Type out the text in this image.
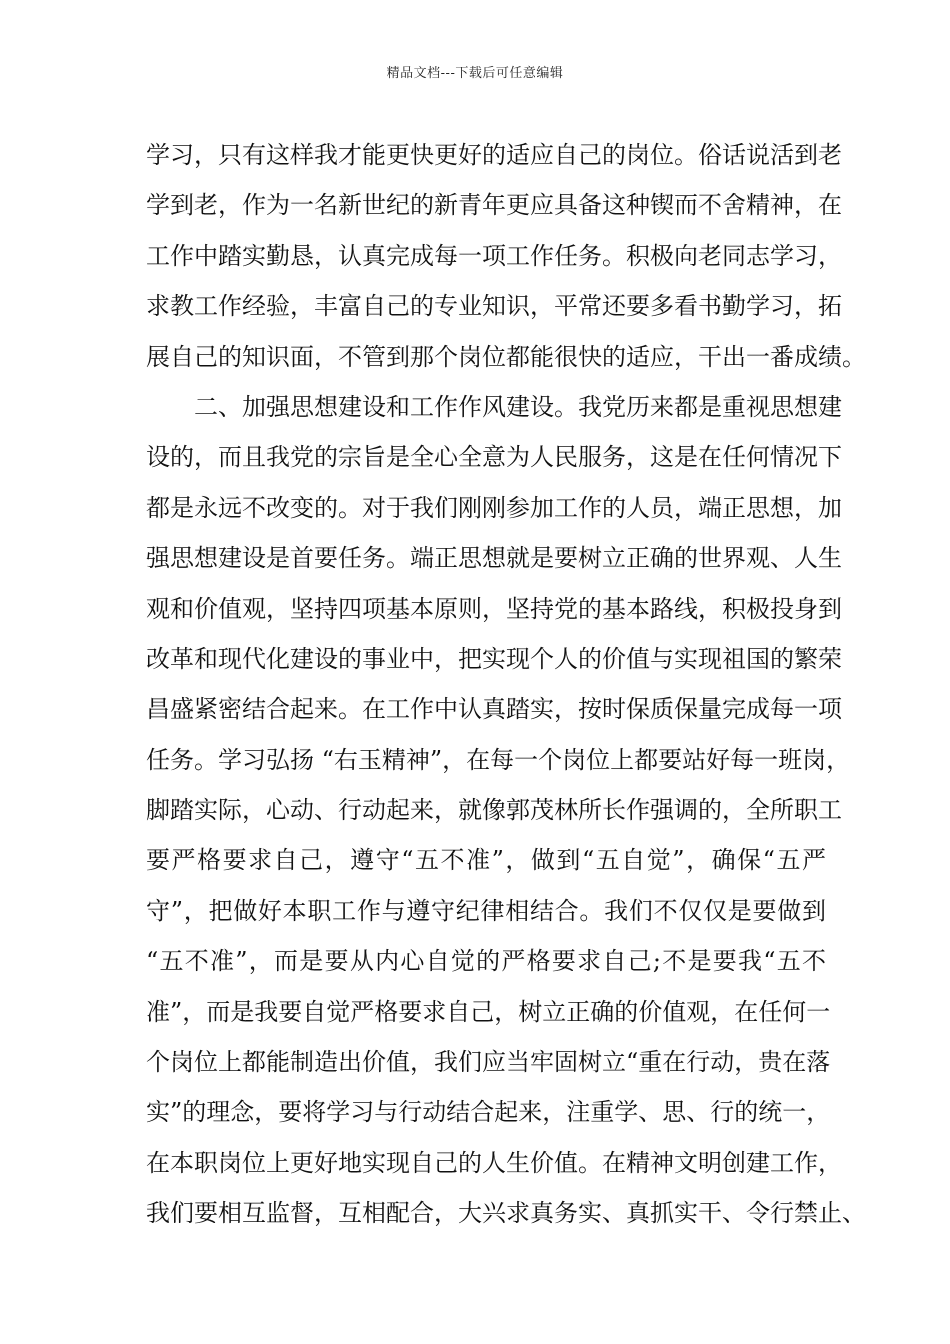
精品文档---下载后可任意编辑
学习，只有这样我才能更快更好的适应自己的岗位。俗话说活到老
学到老，作为一名新世纪的新青年更应具备这种锲而不舍精神，在
工作中踏实勤恳，认真完成每一项工作任务。积极向老同志学习，
求教工作经验，丰富自己的专业知识，平常还要多看书勤学习，拓
展自己的知识面，不管到那个岗位都能很快的适应，干出一番成绩。
二、加强思想建设和工作作风建设。我党历来都是重视思想建
设的，而且我党的宗旨是全心全意为人民服务，这是在任何情况下
都是永远不改变的。对于我们刚刚参加工作的人员，端正思想，加
强思想建设是首要任务。端正思想就是要树立正确的世界观、人生
观和价值观，坚持四项基本原则，坚持党的基本路线，积极投身到
改革和现代化建设的事业中，把实现个人的价值与实现祖国的繁荣
昌盛紧密结合起来。在工作中认真踏实，按时保质保量完成每一项
任务。学习弘扬 “右玉精神”，在每一个岗位上都要站好每一班岗，
脚踏实际，心动、行动起来，就像郭茂林所长作强调的，全所职工
要严格要求自己，遵守“五不准”，做到“五自觉”，确保“五严
守”，把做好本职工作与遵守纪律相结合。我们不仅仅是要做到
“五不准”，而是要从内心自觉的严格要求自己;不是要我“五不
准”，而是我要自觉严格要求自己，树立正确的价值观，在任何一
个岗位上都能制造出价值，我们应当牢固树立“重在行动，贵在落
实”的理念，要将学习与行动结合起来，注重学、思、行的统一，
在本职岗位上更好地实现自己的人生价值。在精神文明创建工作，
我们要相互监督，互相配合，大兴求真务实、真抓实干、令行禁止、
